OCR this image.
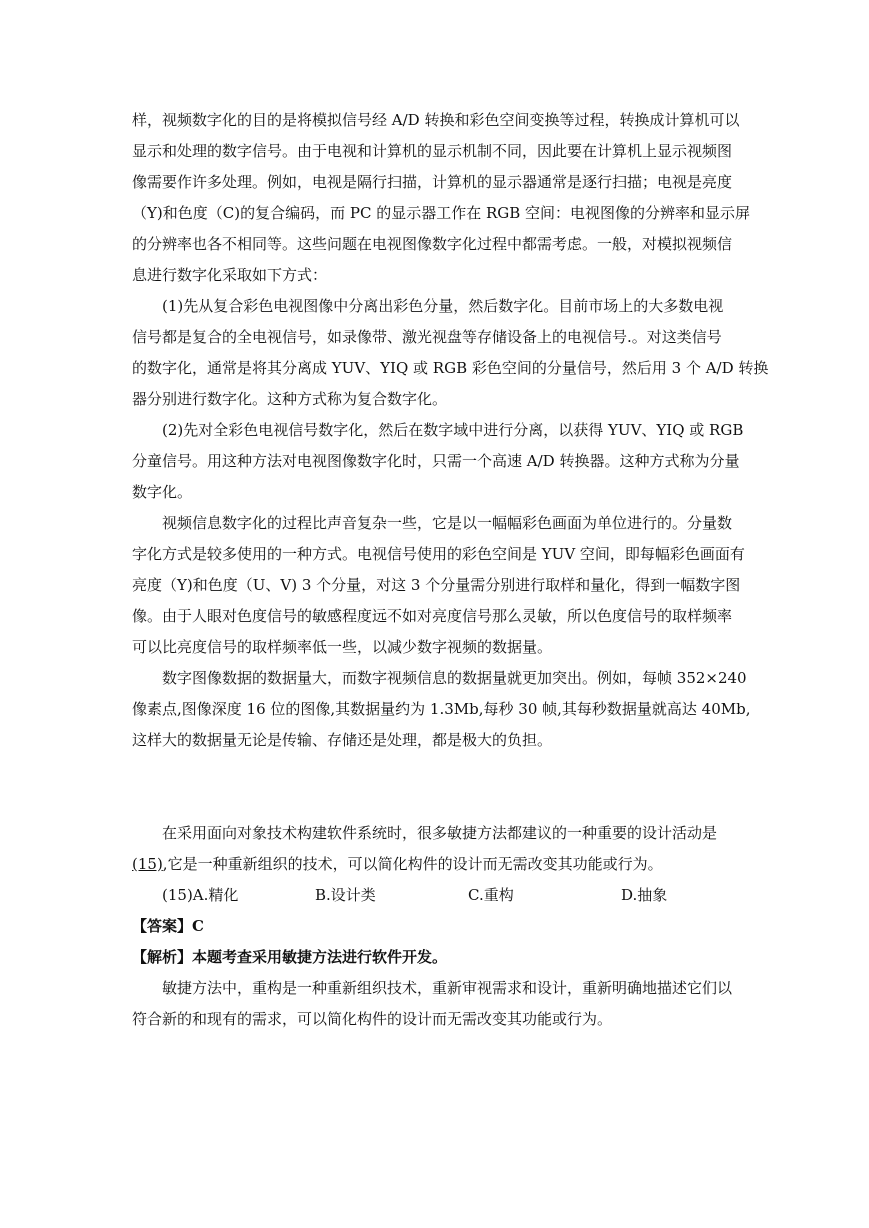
样，视频数字化的目的是将模拟信号经 A/D 转换和彩色空间变换等过程，转换成计算机可以

显示和处理的数字信号。由于电视和计算机的显示机制不同，因此要在计算机上显示视频图

像需要作许多处理。例如，电视是隔行扫描，计算机的显示器通常是逐行扫描；电视是亮度

（Y)和色度（C)的复合编码，而 PC 的显示器工作在 RGB 空间：电视图像的分辨率和显示屏

的分辨率也各不相同等。这些问题在电视图像数字化过程中都需考虑。一般，对模拟视频信

息进行数字化采取如下方式：

(1)先从复合彩色电视图像中分离出彩色分量，然后数字化。目前市场上的大多数电视

信号都是复合的全电视信号，如录像带、激光视盘等存储设备上的电视信号.。对这类信号

的数字化，通常是将其分离成 YUV、YIQ 或 RGB 彩色空间的分量信号，然后用 3 个 A/D 转换

器分别进行数字化。这种方式称为复合数字化。

(2)先对全彩色电视信号数字化，然后在数字域中进行分离，以获得 YUV、YIQ 或 RGB

分童信号。用这种方法对电视图像数字化时，只需一个高速 A/D 转换器。这种方式称为分量

数字化。

视频信息数字化的过程比声音复杂一些，它是以一幅幅彩色画面为单位进行的。分量数

字化方式是较多使用的一种方式。电视信号使用的彩色空间是 YUV 空间，即每幅彩色画面有

亮度（Y)和色度（U、V) 3 个分量，对这 3 个分量需分别进行取样和量化，得到一幅数字图

像。由于人眼对色度信号的敏感程度远不如对亮度信号那么灵敏，所以色度信号的取样频率

可以比亮度信号的取样频率低一些，以减少数字视频的数据量。

数字图像数据的数据量大，而数字视频信息的数据量就更加突出。例如，每帧 352×240

像素点,图像深度 16 位的图像,其数据量约为 1.3Mb,每秒 30 帧,其每秒数据量就高达 40Mb,

这样大的数据量无论是传输、存储还是处理，都是极大的负担。

在采用面向对象技术构建软件系统时，很多敏捷方法都建议的一种重要的设计活动是

(15),它是一种重新组织的技术，可以简化构件的设计而无需改变其功能或行为。

(15)A.精化	B.设计类	C.重构	D.抽象

【答案】C

【解析】本题考查采用敏捷方法进行软件开发。

敏捷方法中，重构是一种重新组织技术，重新审视需求和设计，重新明确地描述它们以

符合新的和现有的需求，可以简化构件的设计而无需改变其功能或行为。
